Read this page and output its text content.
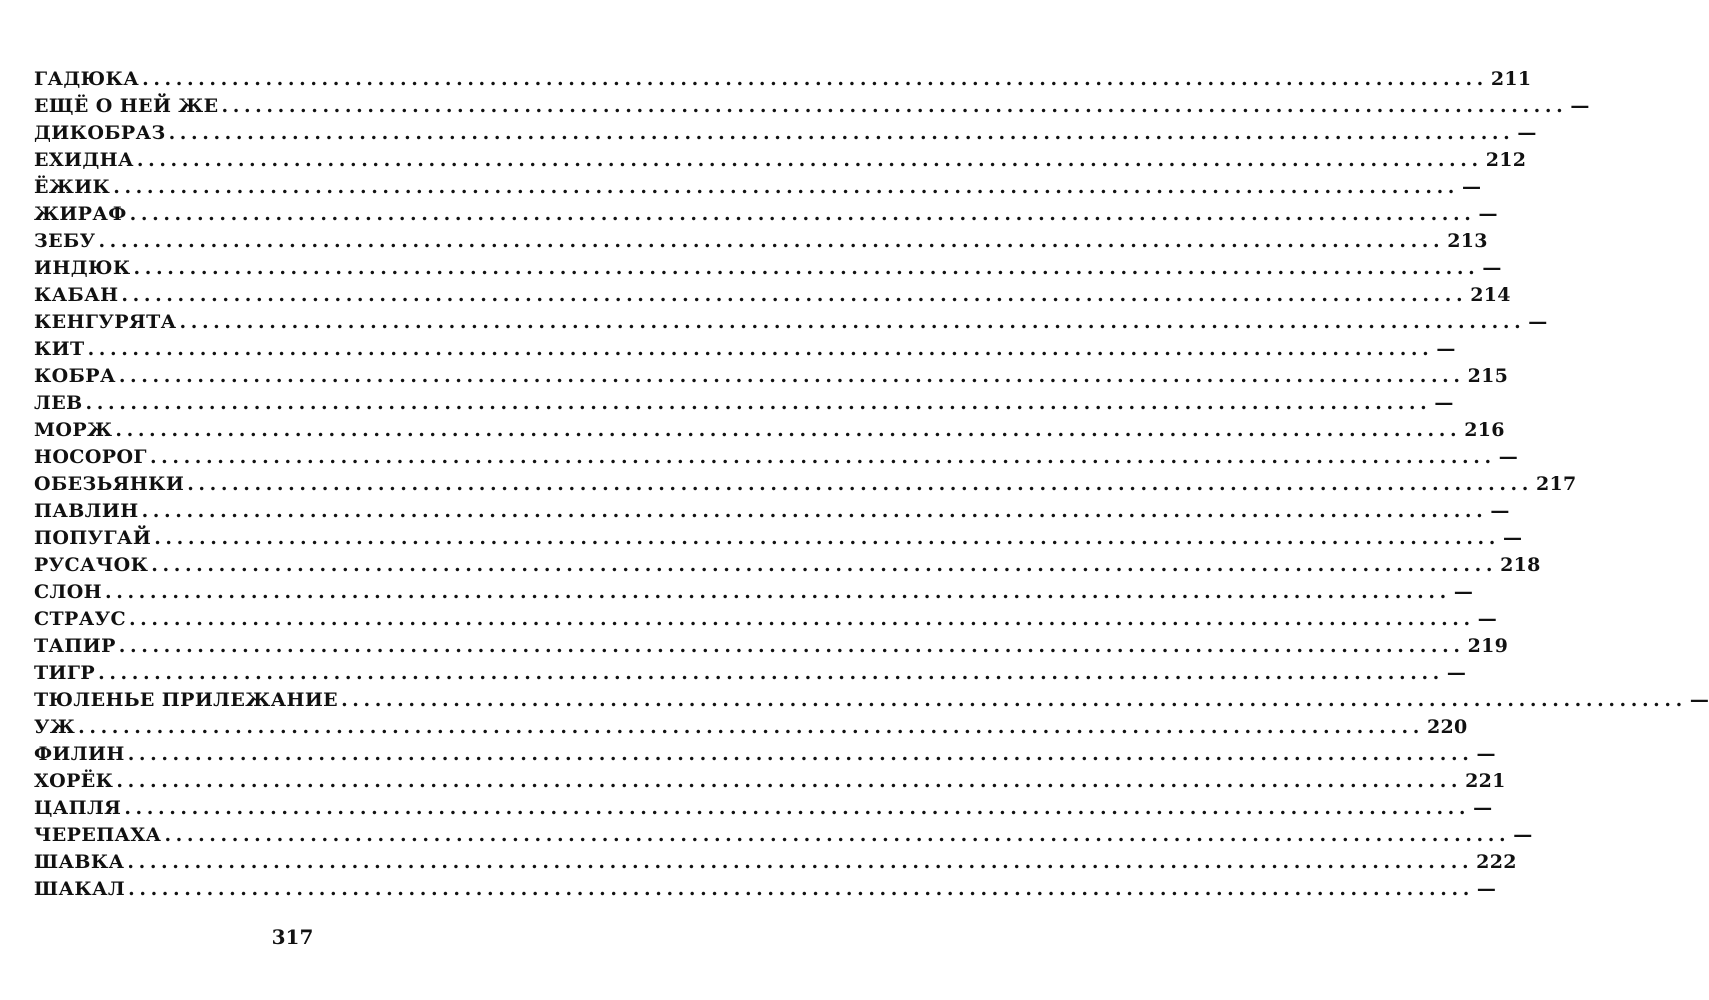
ГАДЮКА ........................................................................................................................ 211
ЕЩЁ О НЕЙ ЖЕ ........................................................................................................................ —
ДИКОБРАЗ ........................................................................................................................ —
ЕХИДНА ........................................................................................................................ 212
ЁЖИК ........................................................................................................................ —
ЖИРАФ ........................................................................................................................ —
ЗЕБУ ........................................................................................................................ 213
ИНДЮК ........................................................................................................................ —
КАБАН ........................................................................................................................ 214
КЕНГУРЯТА ........................................................................................................................ —
КИТ ........................................................................................................................ —
КОБРА ........................................................................................................................ 215
ЛЕВ ........................................................................................................................ —
МОРЖ ........................................................................................................................ 216
НОСОРОГ ........................................................................................................................ —
ОБЕЗЬЯНКИ ........................................................................................................................ 217
ПАВЛИН ........................................................................................................................ —
ПОПУГАЙ ........................................................................................................................ —
РУСАЧОК ........................................................................................................................ 218
СЛОН ........................................................................................................................ —
СТРАУС ........................................................................................................................ —
ТАПИР ........................................................................................................................ 219
ТИГР ........................................................................................................................ —
ТЮЛЕНЬЕ ПРИЛЕЖАНИЕ ........................................................................................................................ —
УЖ ........................................................................................................................ 220
ФИЛИН ........................................................................................................................ —
ХОРЁК ........................................................................................................................ 221
ЦАПЛЯ ........................................................................................................................ —
ЧЕРЕПАХА ........................................................................................................................ —
ШАВКА ........................................................................................................................ 222
ШАКАЛ ........................................................................................................................ —
317
